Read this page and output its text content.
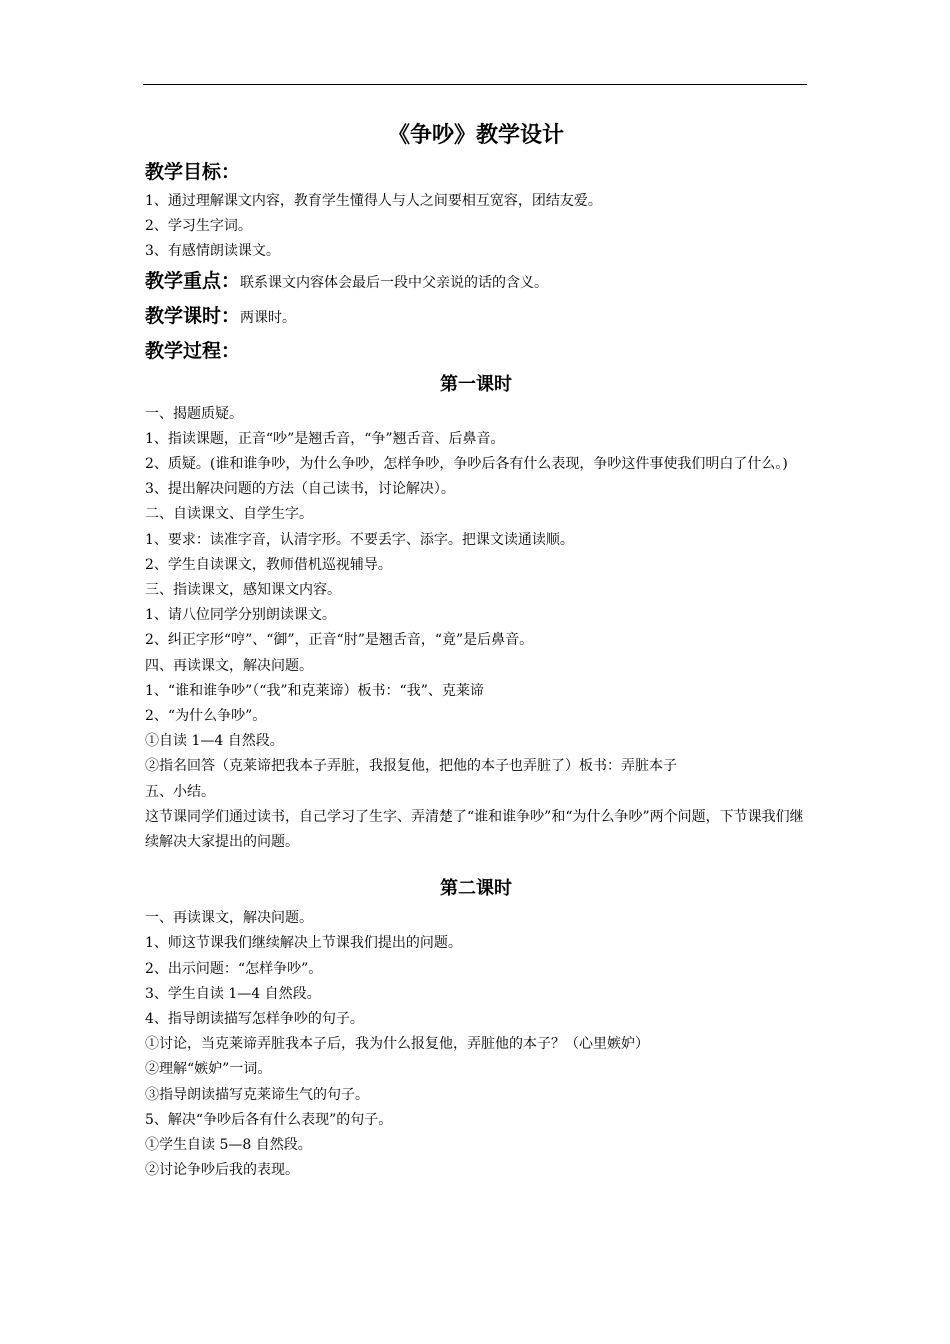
《争吵》教学设计
教学目标：
1、通过理解课文内容，教育学生懂得人与人之间要相互宽容，团结友爱。
2、学习生字词。
3、有感情朗读课文。
教学重点：联系课文内容体会最后一段中父亲说的话的含义。
教学课时：两课时。
教学过程：
第一课时
一、揭题质疑。
1、指读课题，正音“吵”是翘舌音，“争”翘舌音、后鼻音。
2、质疑。(谁和谁争吵，为什么争吵，怎样争吵，争吵后各有什么表现，争吵这件事使我们明白了什么。)
3、提出解决问题的方法（自己读书，讨论解决）。
二、自读课文、自学生字。
1、要求：读准字音，认清字形。不要丢字、添字。把课文读通读顺。
2、学生自读课文，教师借机巡视辅导。
三、指读课文，感知课文内容。
1、请八位同学分别朗读课文。
2、纠正字形“哼”、“御”，正音“肘”是翘舌音，“竟”是后鼻音。
四、再读课文，解决问题。
1、“谁和谁争吵”（“我”和克莱谛）板书：“我”、克莱谛
2、“为什么争吵”。
①自读 1—4 自然段。
②指名回答（克莱谛把我本子弄脏，我报复他，把他的本子也弄脏了）板书：弄脏本子
五、小结。
这节课同学们通过读书，自己学习了生字、弄清楚了“谁和谁争吵”和“为什么争吵”两个问题，下节课我们继续解决大家提出的问题。
第二课时
一、再读课文，解决问题。
1、师这节课我们继续解决上节课我们提出的问题。
2、出示问题：“怎样争吵”。
3、学生自读 1—4 自然段。
4、指导朗读描写怎样争吵的句子。
①讨论，当克莱谛弄脏我本子后，我为什么报复他，弄脏他的本子？（心里嫉妒）
②理解“嫉妒”一词。
③指导朗读描写克莱谛生气的句子。
5、解决“争吵后各有什么表现”的句子。
①学生自读 5—8 自然段。
②讨论争吵后我的表现。
